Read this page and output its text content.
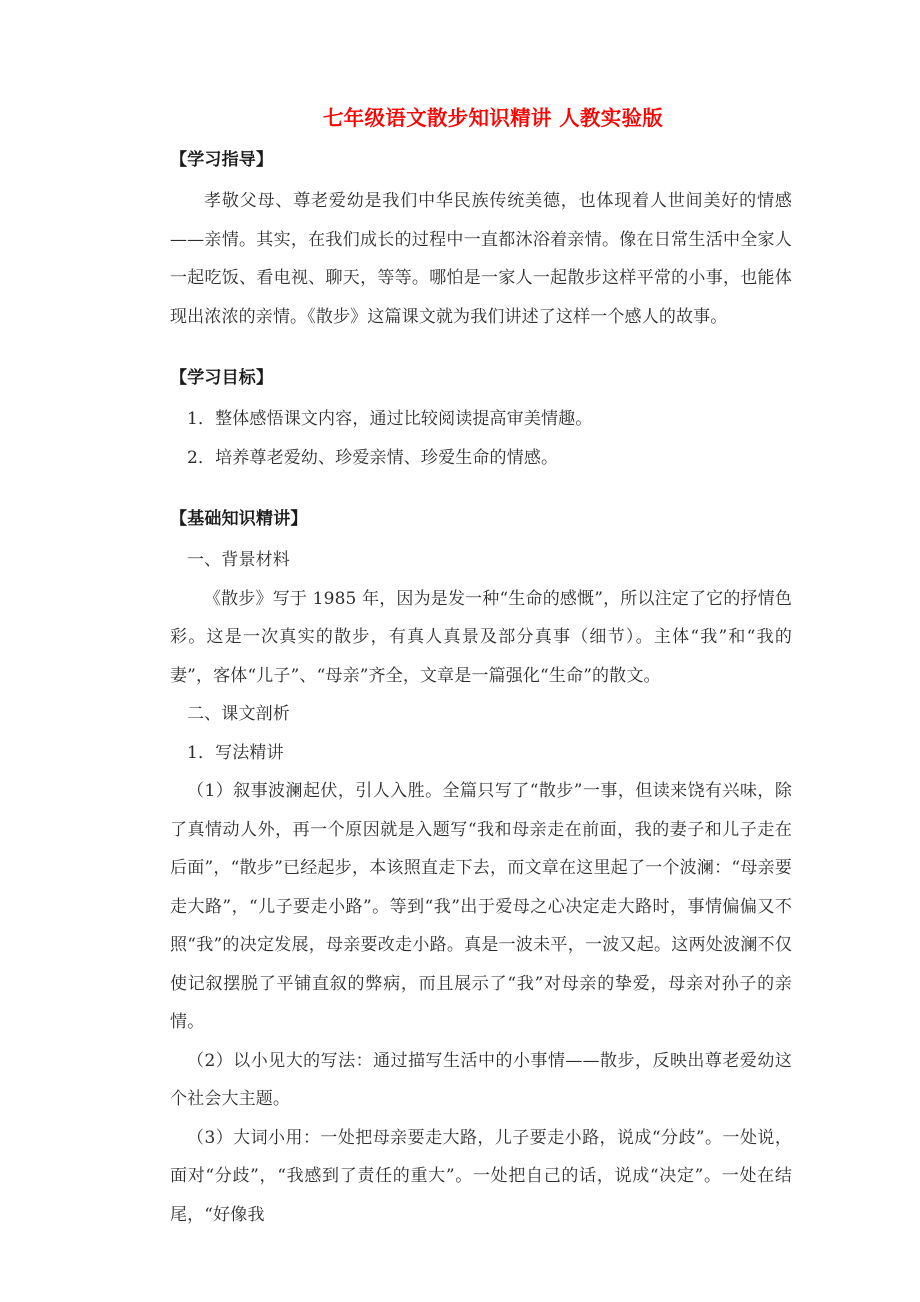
七年级语文散步知识精讲 人教实验版
【学习指导】

孝敬父母、尊老爱幼是我们中华民族传统美德，也体现着人世间美好的情感——亲情。其实，在我们成长的过程中一直都沐浴着亲情。像在日常生活中全家人一起吃饭、看电视、聊天，等等。哪怕是一家人一起散步这样平常的小事，也能体现出浓浓的亲情。《散步》这篇课文就为我们讲述了这样一个感人的故事。

【学习目标】

1．整体感悟课文内容，通过比较阅读提高审美情趣。

2．培养尊老爱幼、珍爱亲情、珍爱生命的情感。

【基础知识精讲】

一、背景材料

《散步》写于 1985 年，因为是发一种“生命的感慨”，所以注定了它的抒情色彩。这是一次真实的散步，有真人真景及部分真事（细节）。主体“我”和“我的妻”，客体“儿子”、“母亲”齐全，文章是一篇强化“生命”的散文。

二、课文剖析

1．写法精讲

（1）叙事波澜起伏，引人入胜。全篇只写了“散步”一事，但读来饶有兴味，除了真情动人外，再一个原因就是入题写“我和母亲走在前面，我的妻子和儿子走在后面”，“散步”已经起步，本该照直走下去，而文章在这里起了一个波澜：“母亲要走大路”，“儿子要走小路”。等到“我”出于爱母之心决定走大路时，事情偏偏又不照“我”的决定发展，母亲要改走小路。真是一波未平，一波又起。这两处波澜不仅使记叙摆脱了平铺直叙的弊病，而且展示了“我”对母亲的挚爱，母亲对孙子的亲情。

（2）以小见大的写法：通过描写生活中的小事情——散步，反映出尊老爱幼这个社会大主题。

（3）大词小用：一处把母亲要走大路，儿子要走小路，说成“分歧”。一处说，面对“分歧”，“我感到了责任的重大”。一处把自己的话，说成“决定”。一处在结尾，“好像我
